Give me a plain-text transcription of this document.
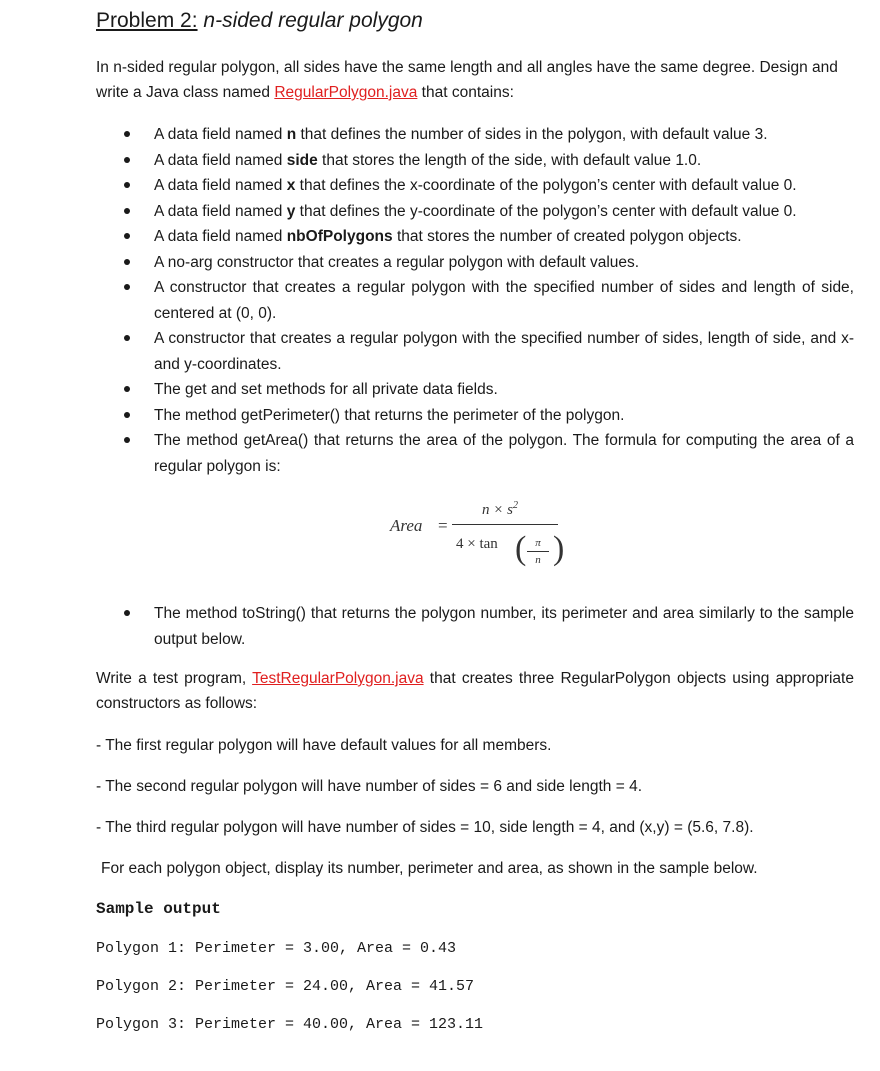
Problem 2: n-sided regular polygon
In n-sided regular polygon, all sides have the same length and all angles have the same degree. Design and write a Java class named RegularPolygon.java that contains:
A data field named n that defines the number of sides in the polygon, with default value 3.
A data field named side that stores the length of the side, with default value 1.0.
A data field named x that defines the x-coordinate of the polygon’s center with default value 0.
A data field named y that defines the y-coordinate of the polygon’s center with default value 0.
A data field named nbOfPolygons that stores the number of created polygon objects.
A no-arg constructor that creates a regular polygon with default values.
A constructor that creates a regular polygon with the specified number of sides and length of side, centered at (0, 0).
A constructor that creates a regular polygon with the specified number of sides, length of side, and x- and y-coordinates.
The get and set methods for all private data fields.
The method getPerimeter() that returns the perimeter of the polygon.
The method getArea() that returns the area of the polygon. The formula for computing the area of a regular polygon is:
Area =
$n \times s^2$
4 × tan ( π
n )
The method toString() that returns the polygon number, its perimeter and area similarly to the sample output below.
Write a test program, TestRegularPolygon.java that creates three RegularPolygon objects using appropriate constructors as follows:
- The first regular polygon will have default values for all members.
- The second regular polygon will have number of sides = 6 and side length = 4.
- The third regular polygon will have number of sides = 10, side length = 4, and (x,y) = (5.6, 7.8).
For each polygon object, display its number, perimeter and area, as shown in the sample below.
Sample output
Polygon 1: Perimeter = 3.00, Area = 0.43
Polygon 2: Perimeter = 24.00, Area = 41.57
Polygon 3: Perimeter = 40.00, Area = 123.11
